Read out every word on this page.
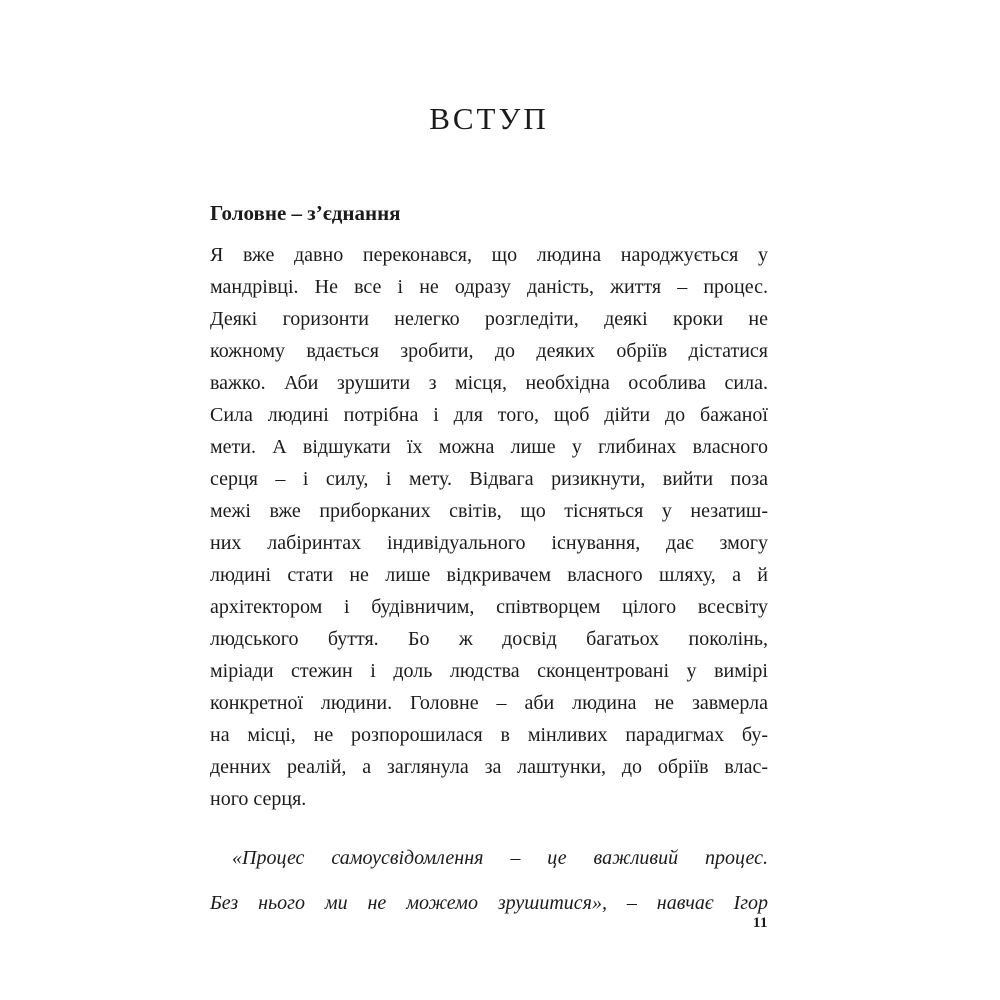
ВСТУП
Головне – з’єднання
Я вже давно переконався, що людина народжується у
мандрівці. Не все і не одразу даність, життя – процес.
Деякі горизонти нелегко розгледіти, деякі кроки не
кожному вдається зробити, до деяких обріїв дістатися
важко. Аби зрушити з місця, необхідна особлива сила.
Сила людині потрібна і для того, щоб дійти до бажаної
мети. А відшукати їх можна лише у глибинах власного
серця – і силу, і мету. Відвага ризикнути, вийти поза
межі вже приборканих світів, що тісняться у незатиш-
них лабіринтах індивідуального існування, дає змогу
людині стати не лише відкривачем власного шляху, а й
архітектором і будівничим, співтворцем цілого всесвіту
людського буття. Бо ж досвід багатьох поколінь,
міріади стежин і доль людства сконцентровані у вимірі
конкретної людини. Головне – аби людина не завмерла
на місці, не розпорошилася в мінливих парадигмах бу-
денних реалій, а заглянула за лаштунки, до обріїв влас-
ного серця.
«Процес самоусвідомлення – це важливий процес.
Без нього ми не можемо зрушитися», – навчає Ігор
11
